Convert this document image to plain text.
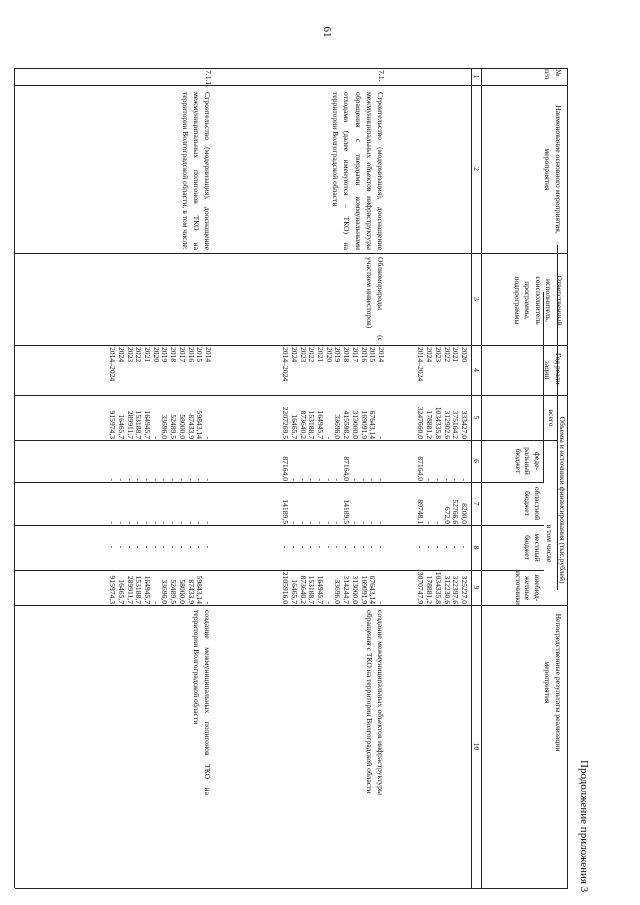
61
Продолжение приложения 3
№ п/п
Наименование основного мероприятия, мероприятия
Ответственный исполнитель, соисполнитель программы, подпрограммы
Год реали-зации
Объемы и источники финансирования (тыс.рублей)
всего
в том числе
феде-ральный бюджет
областной бюджет
местный бюджет
внебюд-жетные источники
Непосредственные результаты реализации мероприятия
1
2
3
4
5
6
7
8
9
10
2020
333427,0
-
8200,0
-
325227,0
2021
375164,2
-
52766,6
-
322397,6
2022
312902,6
-
672,0
-
312230,6
2023
1034335,8
-
-
-
1034335,8
2024
178881,2
-
-
-
178881,2
2014–2024
3247660,0
87164,0
89748,1
-
3070747,9
7.1.
Строительство (модернизация), дооснащение межмуниципальных объектов инфраструктуры обращения с твердыми коммунальными отходами (далее именуются – ТКО) на территории Волгоградской области
Облкомприроды (с участием инвесторов)
создание межмуниципальных объектов инфраструктуры обращения с ТКО на территории Волгоградской области
2014
-
-
-
-
-
2015
67643,14
-
-
-
67643,14
2016
169091,9
-
-
-
169091,9
2017
313000,0
-
-
-
313000,0
2018
415598,2
87164,0
14189,5
-
314244,7
2019
33696,0
-
-
-
33696,0
2020
-
-
-
-
-
2021
164945,7
-
-
-
164945,7
2022
153188,7
-
-
-
153188,7
2023
873640,2
-
-
-
873640,2
2024
16465,7
-
-
-
16465,7
2014–2024
2207269,5
87164,0
14189,5
-
2105916,0
7.1.1.
Строительство (модернизация), дооснащение межмуниципальных полигонов ТКО на территории Волгоградской области, в том числе:
создание межмуниципальных полигонов ТКО на территории Волгоградской области
2014
-
-
-
-
-
2015
59843,14
-
-
-
59843,14
2016
87433,9
-
-
-
87433,9
2017
58000,0
-
-
-
58000,0
2018
52489,5
-
-
-
52489,5
2019
33696,0
-
-
-
33696,0
2020
-
-
-
-
-
2021
164945,7
-
-
-
164945,7
2022
153188,7
-
-
-
153188,7
2023
289911,7
-
-
-
289911,7
2024
16465,7
-
-
-
16465,7
2014–2024
915974,3
-
-
-
915974,3
